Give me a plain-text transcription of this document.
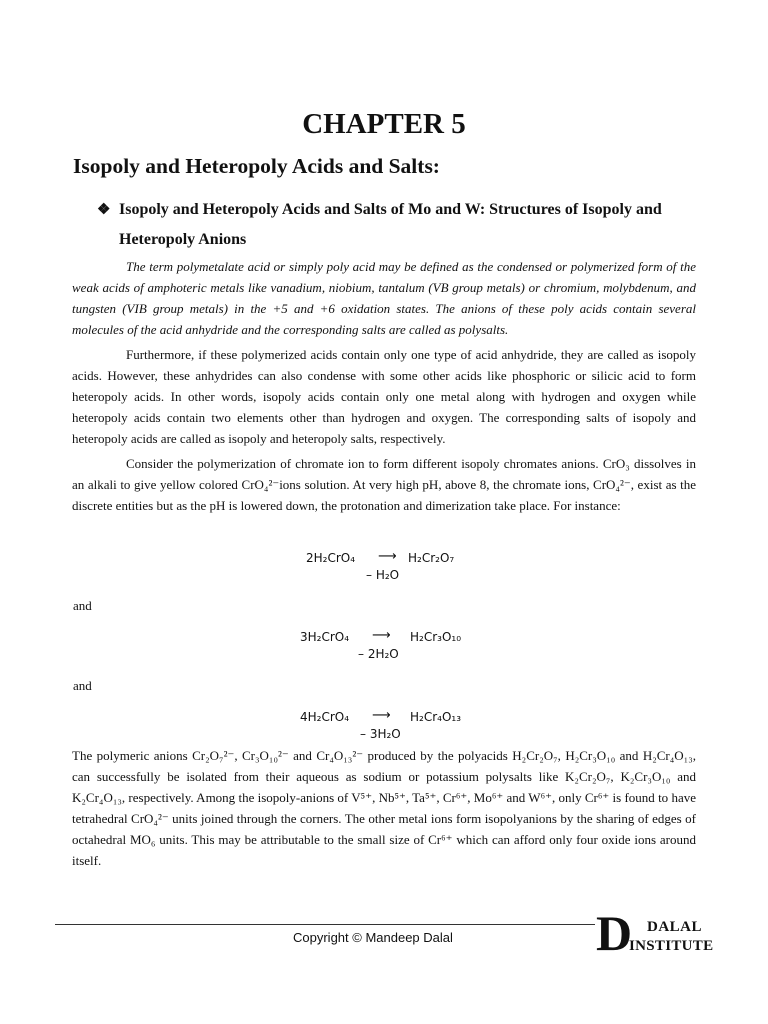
CHAPTER 5
Isopoly and Heteropoly Acids and Salts:
❖ Isopoly and Heteropoly Acids and Salts of Mo and W: Structures of Isopoly and Heteropoly Anions
The term polymetalate acid or simply poly acid may be defined as the condensed or polymerized form of the weak acids of amphoteric metals like vanadium, niobium, tantalum (VB group metals) or chromium, molybdenum, and tungsten (VIB group metals) in the +5 and +6 oxidation states. The anions of these poly acids contain several molecules of the acid anhydride and the corresponding salts are called as polysalts.
Furthermore, if these polymerized acids contain only one type of acid anhydride, they are called as isopoly acids. However, these anhydrides can also condense with some other acids like phosphoric or silicic acid to form heteropoly acids. In other words, isopoly acids contain only one metal along with hydrogen and oxygen while heteropoly acids contain two elements other than hydrogen and oxygen. The corresponding salts of isopoly and heteropoly acids are called as isopoly and heteropoly salts, respectively.
Consider the polymerization of chromate ion to form different isopoly chromates anions. CrO₃ dissolves in an alkali to give yellow colored CrO₄²⁻ions solution. At very high pH, above 8, the chromate ions, CrO₄²⁻, exist as the discrete entities but as the pH is lowered down, the protonation and dimerization take place. For instance:
2H₂CrO₄ ⟶ H₂Cr₂O₇
– H₂O
and
3H₂CrO₄ ⟶ H₂Cr₃O₁₀
– 2H₂O
and
4H₂CrO₄ ⟶ H₂Cr₄O₁₃
– 3H₂O
The polymeric anions Cr₂O₇²⁻, Cr₃O₁₀²⁻ and Cr₄O₁₃²⁻ produced by the polyacids H₂Cr₂O₇, H₂Cr₃O₁₀ and H₂Cr₄O₁₃, can successfully be isolated from their aqueous as sodium or potassium polysalts like K₂Cr₂O₇, K₂Cr₃O₁₀ and K₂Cr₄O₁₃, respectively. Among the isopoly-anions of V⁵⁺, Nb⁵⁺, Ta⁵⁺, Cr⁶⁺, Mo⁶⁺ and W⁶⁺, only Cr⁶⁺ is found to have tetrahedral CrO₄²⁻ units joined through the corners. The other metal ions form isopolyanions by the sharing of edges of octahedral MO₆ units. This may be attributable to the small size of Cr⁶⁺ which can afford only four oxide ions around itself.
Copyright © Mandeep Dalal	D DALAL
INSTITUTE
